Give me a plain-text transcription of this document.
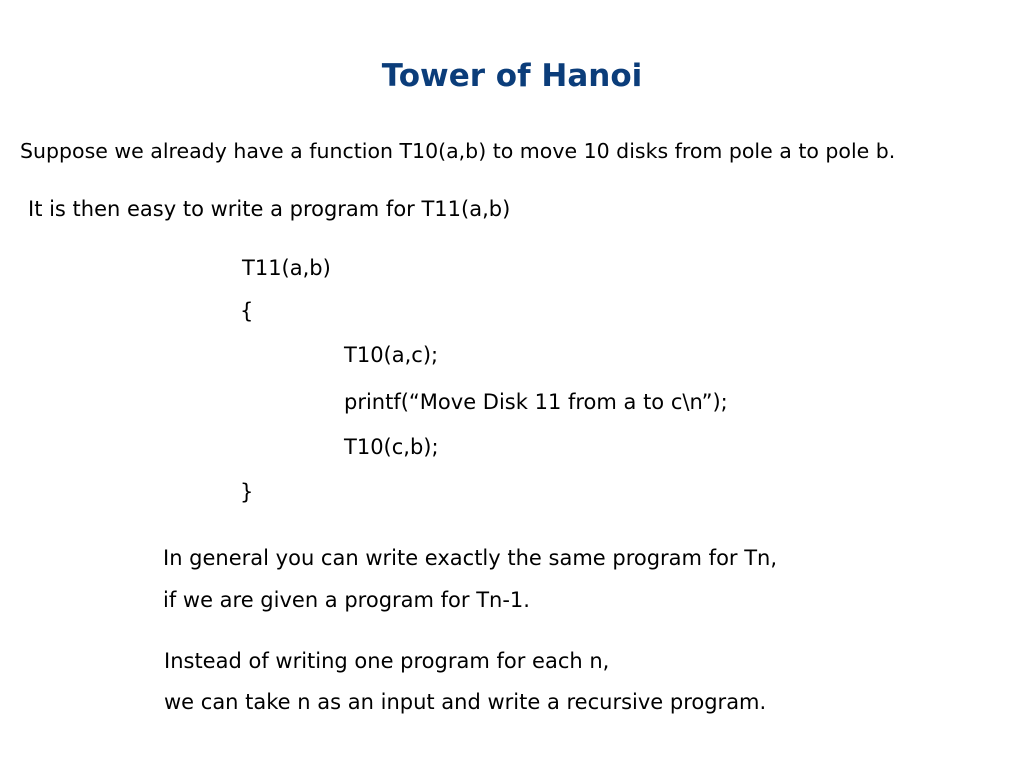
Tower of Hanoi
Suppose we already have a function T10(a,b) to move 10 disks from pole a to pole b.
It is then easy to write a program for T11(a,b)
T11(a,b)
{
T10(a,c);
printf(“Move Disk 11 from a to c\n”);
T10(c,b);
}
In general you can write exactly the same program for Tn,
if we are given a program for Tn-1.
Instead of writing one program for each n,
we can take n as an input and write a recursive program.
